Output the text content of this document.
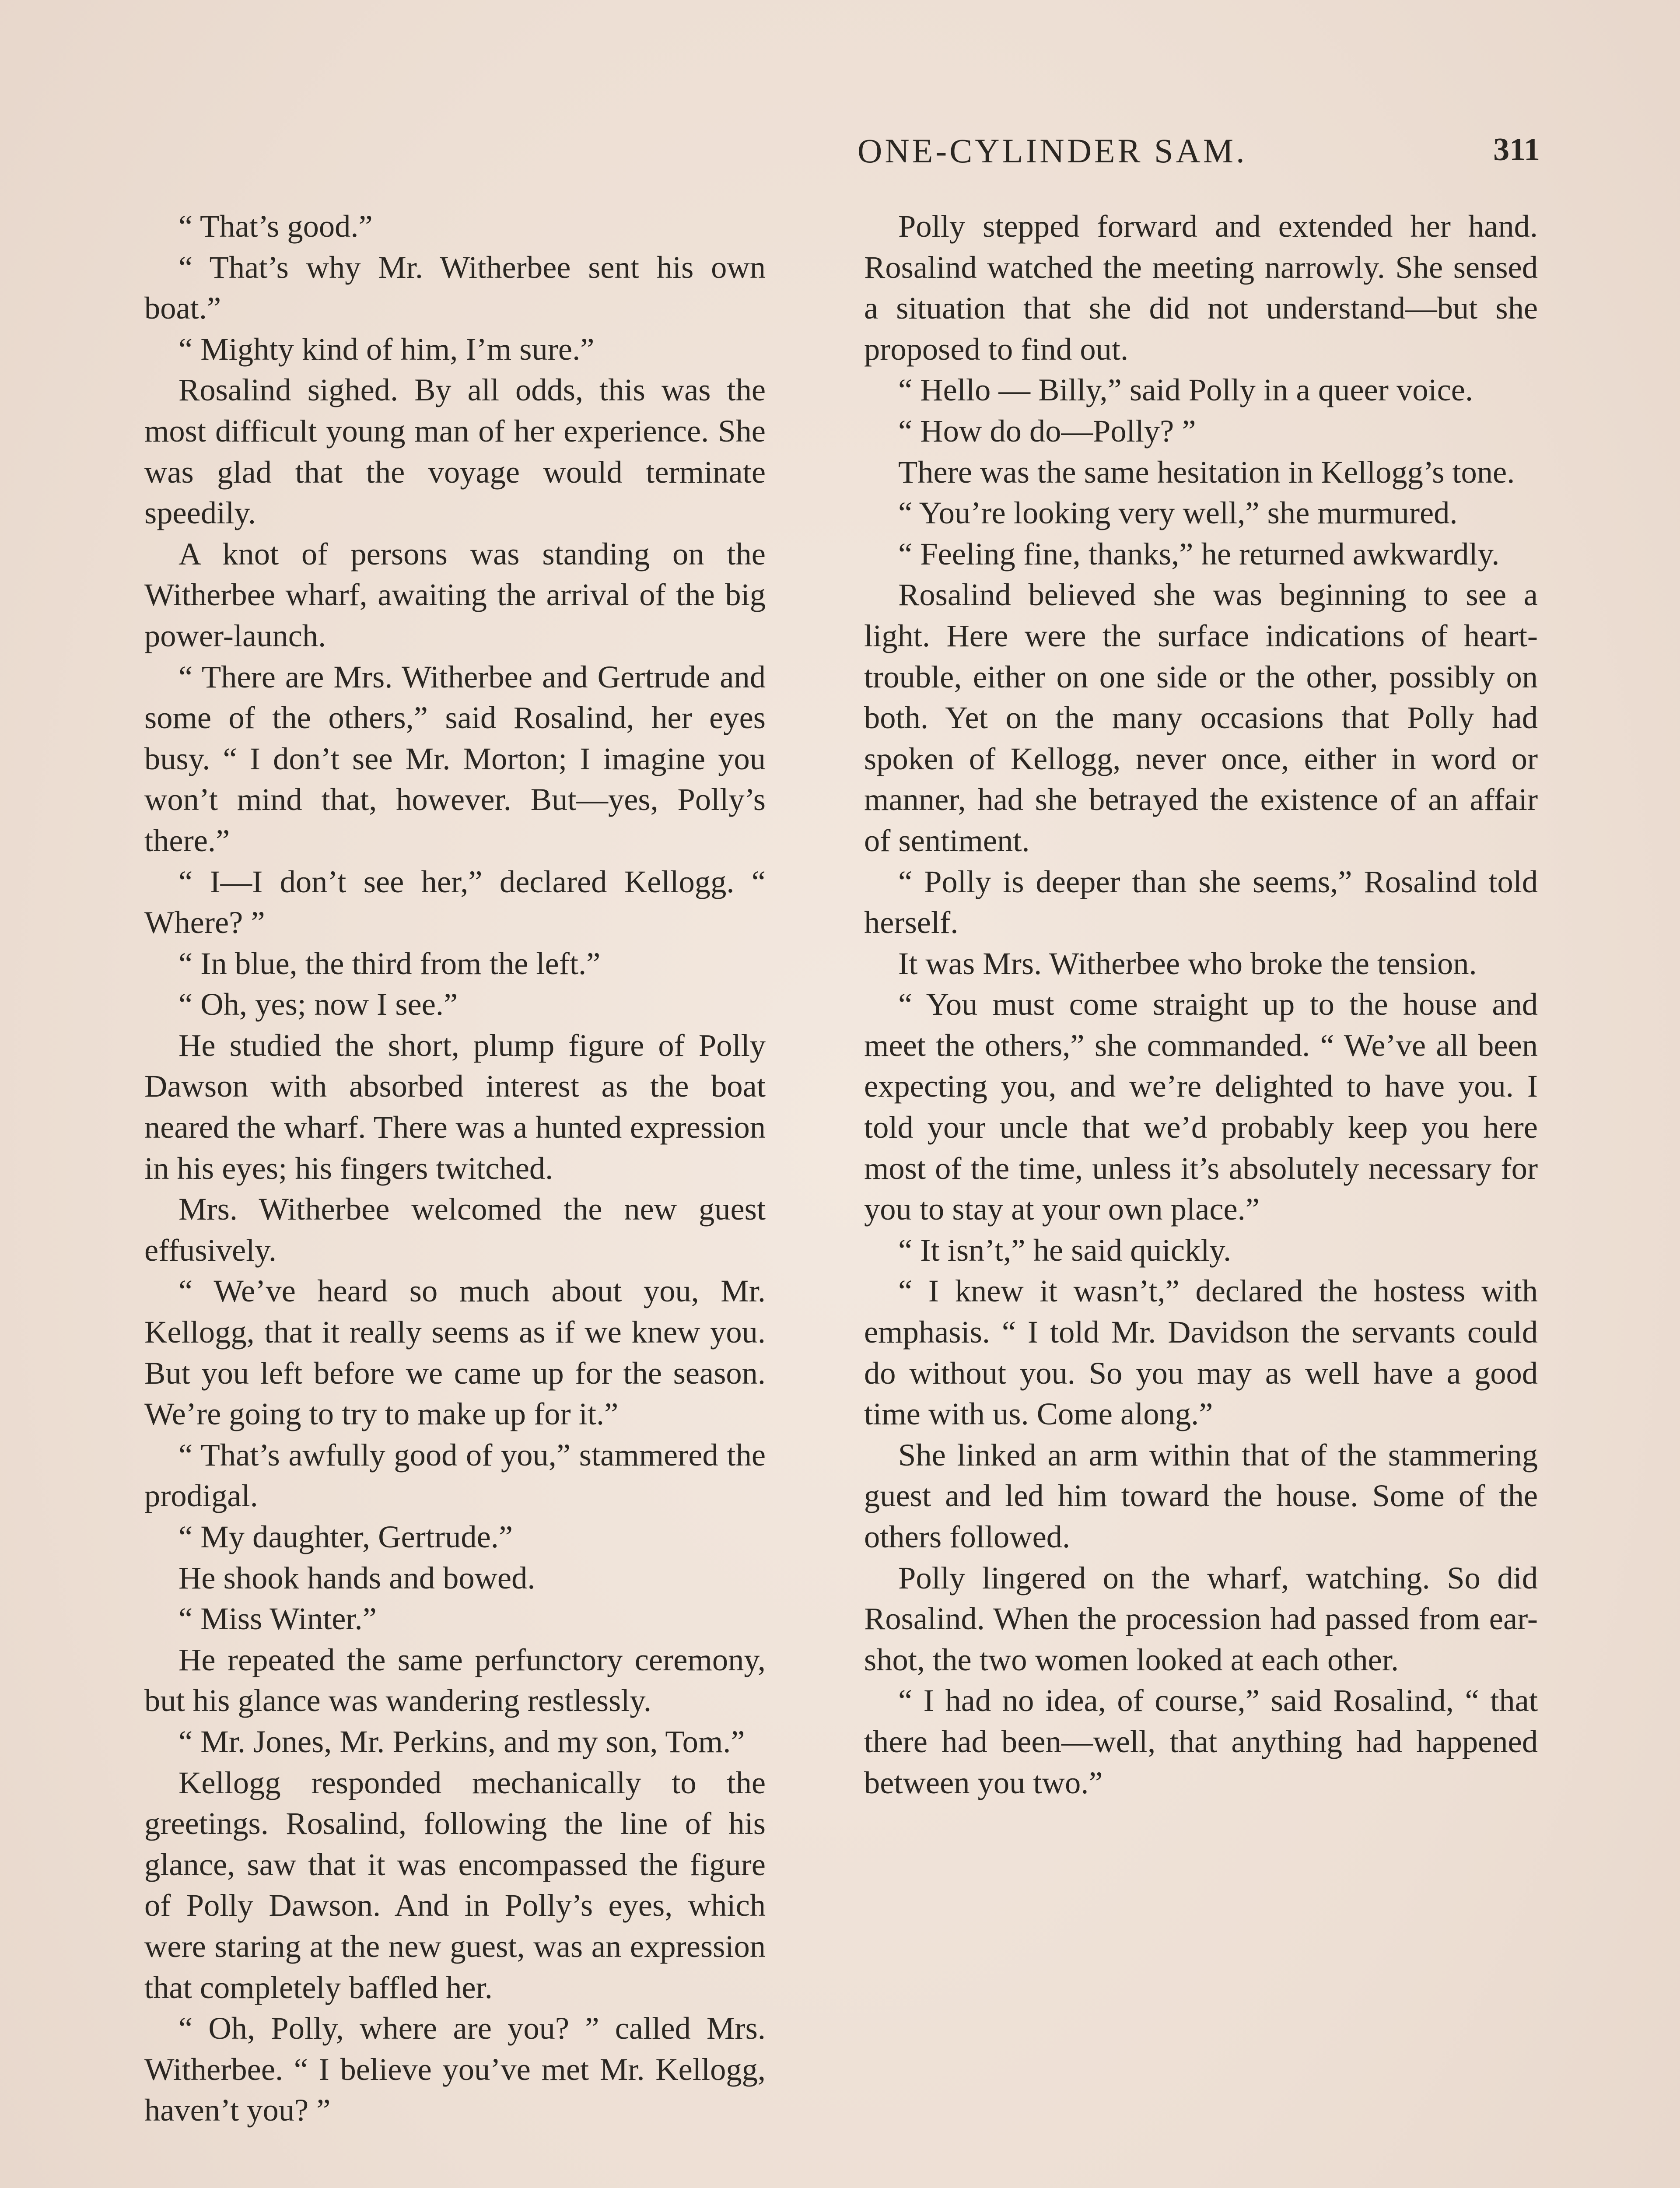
ONE-CYLINDER SAM.	311

“ That’s good.”

“ That’s why Mr. Witherbee sent his own boat.”

“ Mighty kind of him, I’m sure.”

Rosalind sighed. By all odds, this was the most difficult young man of her experience. She was glad that the voyage would terminate speedily.

A knot of persons was standing on the Witherbee wharf, awaiting the arrival of the big power-launch.

“ There are Mrs. Witherbee and Gertrude and some of the others,” said Rosalind, her eyes busy. “ I don’t see Mr. Morton; I imagine you won’t mind that, however. But—yes, Polly’s there.”

“ I—I don’t see her,” declared Kellogg. “ Where? ”

“ In blue, the third from the left.”

“ Oh, yes; now I see.”

He studied the short, plump figure of Polly Dawson with absorbed interest as the boat neared the wharf. There was a hunted expression in his eyes; his fingers twitched.

Mrs. Witherbee welcomed the new guest effusively.

“ We’ve heard so much about you, Mr. Kellogg, that it really seems as if we knew you. But you left before we came up for the season. We’re going to try to make up for it.”

“ That’s awfully good of you,” stammered the prodigal.

“ My daughter, Gertrude.”

He shook hands and bowed.

“ Miss Winter.”

He repeated the same perfunctory ceremony, but his glance was wandering restlessly.

“ Mr. Jones, Mr. Perkins, and my son, Tom.”

Kellogg responded mechanically to the greetings. Rosalind, following the line of his glance, saw that it was encompassed the figure of Polly Dawson. And in Polly’s eyes, which were staring at the new guest, was an expression that completely baffled her.

“ Oh, Polly, where are you? ” called Mrs. Witherbee. “ I believe you’ve met Mr. Kellogg, haven’t you? ”

Polly stepped forward and extended her hand. Rosalind watched the meeting narrowly. She sensed a situation that she did not understand—but she proposed to find out.

“ Hello — Billy,” said Polly in a queer voice.

“ How do do—Polly? ”

There was the same hesitation in Kellogg’s tone.

“ You’re looking very well,” she murmured.

“ Feeling fine, thanks,” he returned awkwardly.

Rosalind believed she was beginning to see a light. Here were the surface indications of heart-trouble, either on one side or the other, possibly on both. Yet on the many occasions that Polly had spoken of Kellogg, never once, either in word or manner, had she betrayed the existence of an affair of sentiment.

“ Polly is deeper than she seems,” Rosalind told herself.

It was Mrs. Witherbee who broke the tension.

“ You must come straight up to the house and meet the others,” she commanded. “ We’ve all been expecting you, and we’re delighted to have you. I told your uncle that we’d probably keep you here most of the time, unless it’s absolutely necessary for you to stay at your own place.”

“ It isn’t,” he said quickly.

“ I knew it wasn’t,” declared the hostess with emphasis. “ I told Mr. Davidson the servants could do without you. So you may as well have a good time with us. Come along.”

She linked an arm within that of the stammering guest and led him toward the house. Some of the others followed.

Polly lingered on the wharf, watching. So did Rosalind. When the procession had passed from ear-shot, the two women looked at each other.

“ I had no idea, of course,” said Rosalind, “ that there had been—well, that anything had happened between you two.”
